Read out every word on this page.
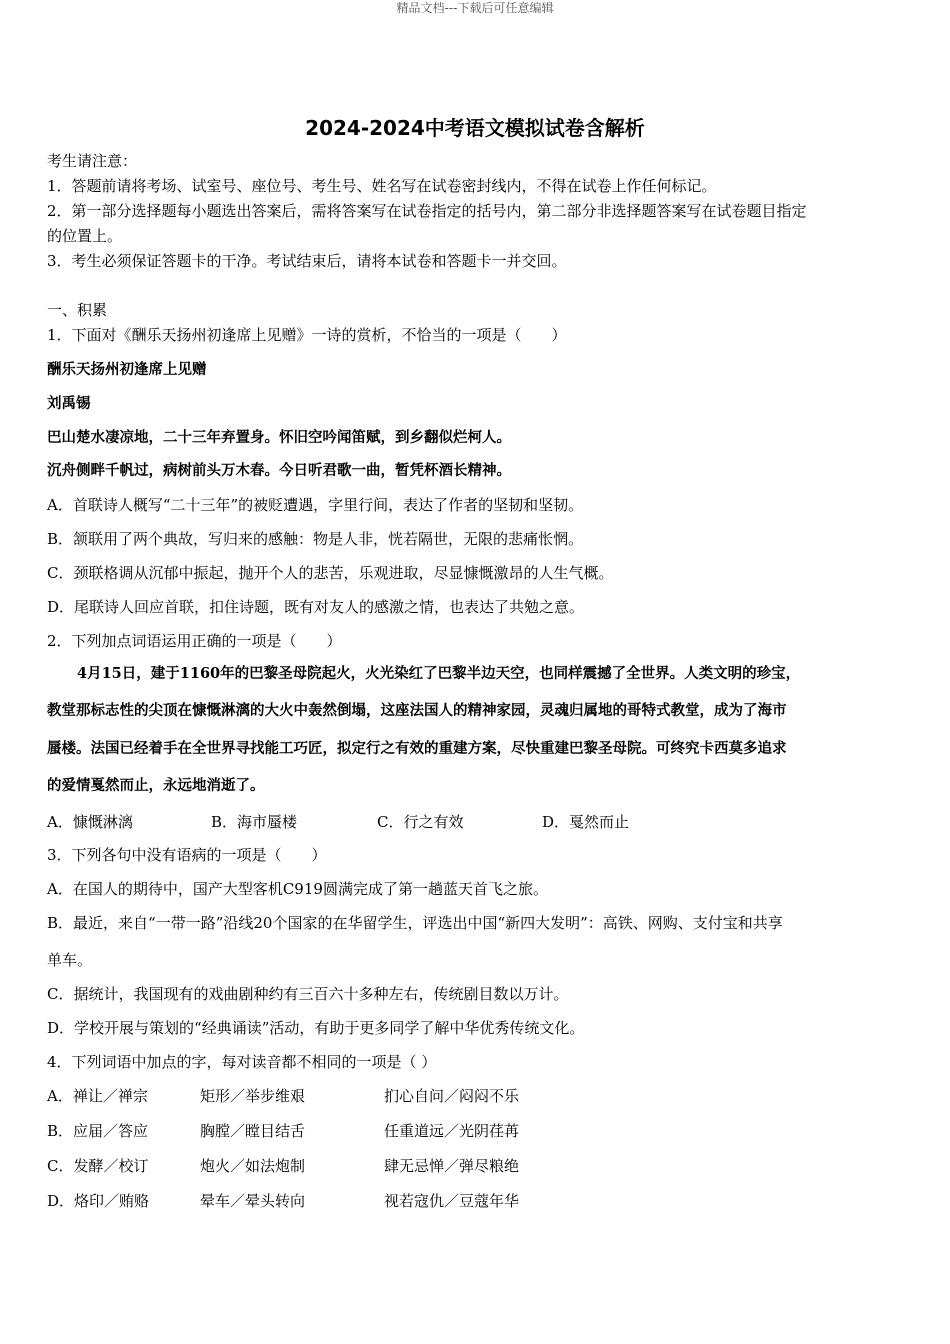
精品文档---下载后可任意编辑
2024-2024中考语文模拟试卷含解析
考生请注意：
1．答题前请将考场、试室号、座位号、考生号、姓名写在试卷密封线内，不得在试卷上作任何标记。
2．第一部分选择题每小题选出答案后，需将答案写在试卷指定的括号内，第二部分非选择题答案写在试卷题目指定
的位置上。
3．考生必须保证答题卡的干净。考试结束后，请将本试卷和答题卡一并交回。
一、积累
1．下面对《酬乐天扬州初逢席上见赠》一诗的赏析，不恰当的一项是（　　）
酬乐天扬州初逢席上见赠
刘禹锡
巴山楚水凄凉地，二十三年弃置身。怀旧空吟闻笛赋，到乡翻似烂柯人。
沉舟侧畔千帆过，病树前头万木春。今日听君歌一曲，暂凭杯酒长精神。
A．首联诗人概写“二十三年”的被贬遭遇，字里行间，表达了作者的坚韧和坚韧。
B．颔联用了两个典故，写归来的感触：物是人非，恍若隔世，无限的悲痛怅惘。
C．颈联格调从沉郁中振起，抛开个人的悲苦，乐观进取，尽显慷慨激昂的人生气概。
D．尾联诗人回应首联，扣住诗题，既有对友人的感激之情，也表达了共勉之意。
2．下列加点词语运用正确的一项是（　　）
4月15日，建于1160年的巴黎圣母院起火，火光染红了巴黎半边天空，也同样震撼了全世界。人类文明的珍宝，
教堂那标志性的尖顶在慷慨淋漓的大火中轰然倒塌，这座法国人的精神家园，灵魂归属地的哥特式教堂，成为了海市
蜃楼。法国已经着手在全世界寻找能工巧匠，拟定行之有效的重建方案，尽快重建巴黎圣母院。可终究卡西莫多追求
的爱情戛然而止，永远地消逝了。
A．慷慨淋漓	B．海市蜃楼	C．行之有效	D．戛然而止
3．下列各句中没有语病的一项是（　　）
A．在国人的期待中，国产大型客机C919圆满完成了第一趟蓝天首飞之旅。
B．最近，来自“一带一路”沿线20个国家的在华留学生，评选出中国“新四大发明”：高铁、网购、支付宝和共享
单车。
C．据统计，我国现有的戏曲剧种约有三百六十多种左右，传统剧目数以万计。
D．学校开展与策划的“经典诵读”活动，有助于更多同学了解中华优秀传统文化。
4．下列词语中加点的字，每对读音都不相同的一项是（ ）
A．禅让／禅宗	矩形／举步维艰	扪心自问／闷闷不乐
B．应届／答应	胸膛／瞠目结舌	任重道远／光阴荏苒
C．发酵／校订	炮火／如法炮制	肆无忌惮／弹尽粮绝
D．烙印／贿赂	晕车／晕头转向	视若寇仇／豆蔻年华
